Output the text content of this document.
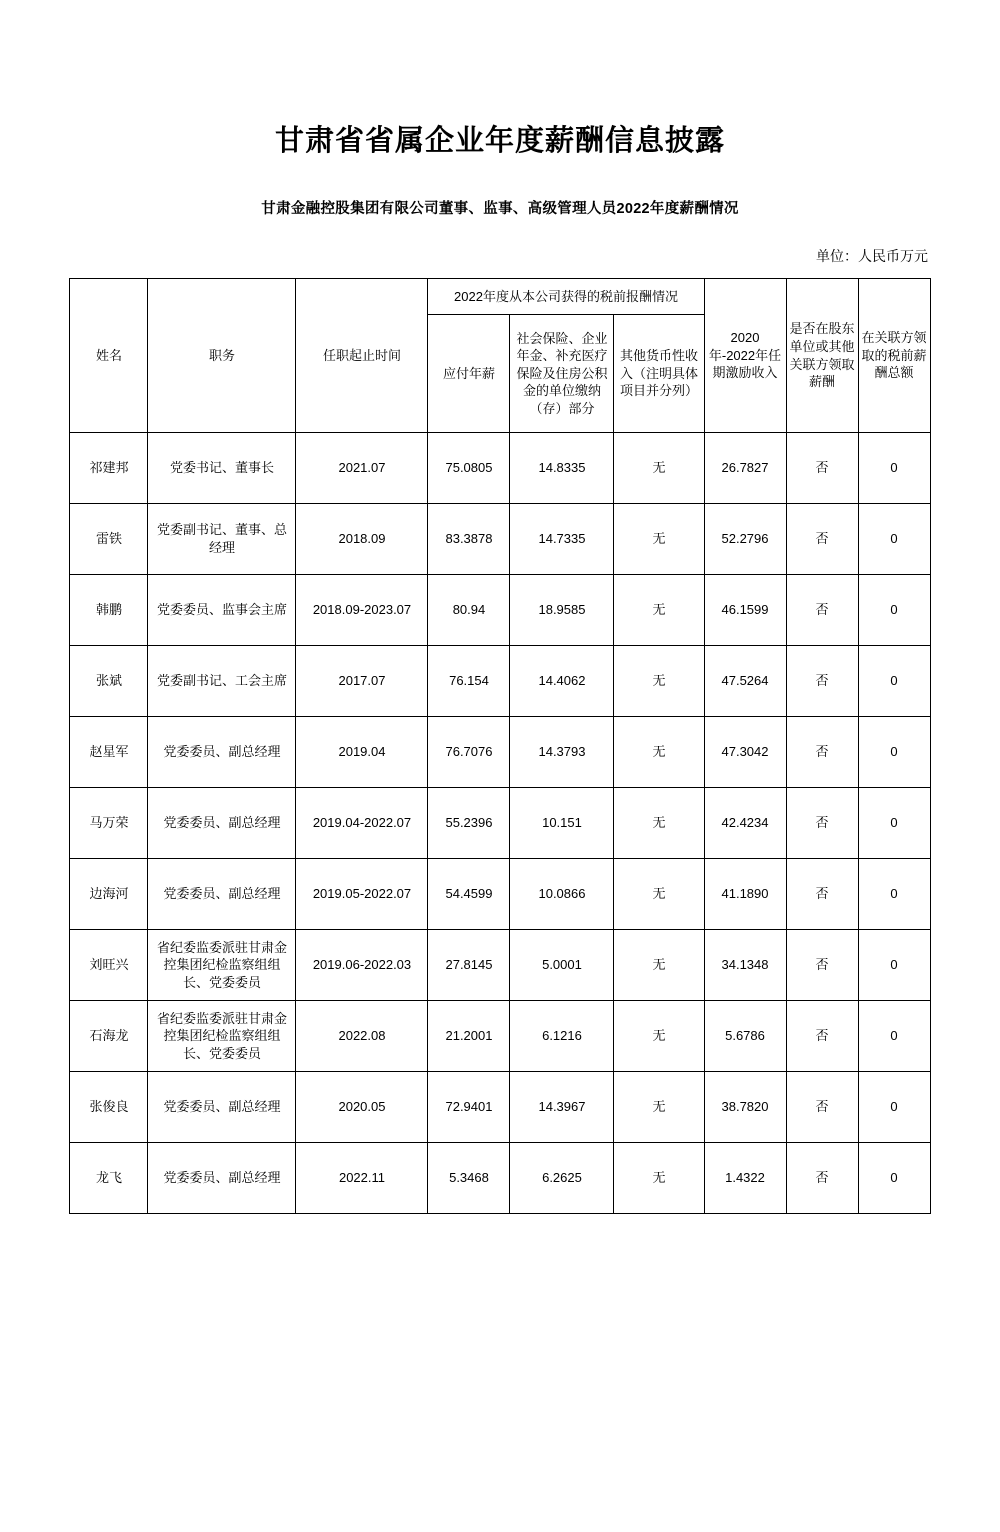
甘肃省省属企业年度薪酬信息披露
甘肃金融控股集团有限公司董事、监事、高级管理人员2022年度薪酬情况
单位：人民币万元
姓名	职务	任职起止时间	2022年度从本公司获得的税前报酬情况			2020年-2022年任期激励收入	是否在股东单位或其他关联方领取薪酬	在关联方领取的税前薪酬总额
			应付年薪	社会保险、企业年金、补充医疗保险及住房公积金的单位缴纳（存）部分	其他货币性收入（注明具体项目并分列）			
祁建邦	党委书记、董事长	2021.07	75.0805	14.8335	无	26.7827	否	0
雷铁	党委副书记、董事、总经理	2018.09	83.3878	14.7335	无	52.2796	否	0
韩鹏	党委委员、监事会主席	2018.09-2023.07	80.94	18.9585	无	46.1599	否	0
张斌	党委副书记、工会主席	2017.07	76.154	14.4062	无	47.5264	否	0
赵星军	党委委员、副总经理	2019.04	76.7076	14.3793	无	47.3042	否	0
马万荣	党委委员、副总经理	2019.04-2022.07	55.2396	10.151	无	42.4234	否	0
边海河	党委委员、副总经理	2019.05-2022.07	54.4599	10.0866	无	41.1890	否	0
刘旺兴	省纪委监委派驻甘肃金控集团纪检监察组组长、党委委员	2019.06-2022.03	27.8145	5.0001	无	34.1348	否	0
石海龙	省纪委监委派驻甘肃金控集团纪检监察组组长、党委委员	2022.08	21.2001	6.1216	无	5.6786	否	0
张俊良	党委委员、副总经理	2020.05	72.9401	14.3967	无	38.7820	否	0
龙飞	党委委员、副总经理	2022.11	5.3468	6.2625	无	1.4322	否	0
